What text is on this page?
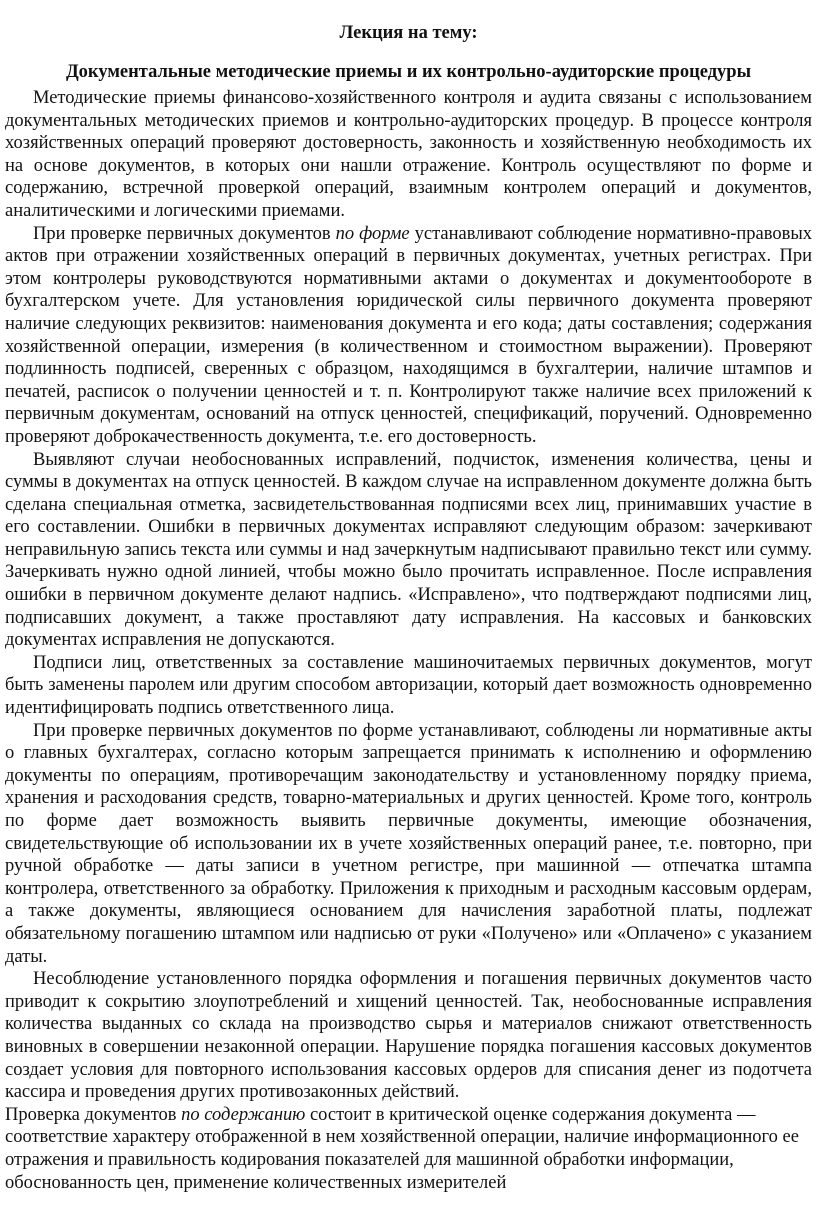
Лекция на тему:
Документальные методические приемы и их контрольно-аудиторские процедуры

Методические приемы финансово-хозяйственного контроля и аудита связаны с использованием документальных методических приемов и контрольно-аудиторских процедур. В процессе контроля хозяйственных операций проверяют достоверность, законность и хозяйственную необходимость их на основе документов, в которых они нашли отражение. Контроль осуществляют по форме и содержанию, встречной проверкой операций, взаимным контролем операций и документов, аналитическими и логическими приемами.

При проверке первичных документов по форме устанавливают соблюдение нормативно-правовых актов при отражении хозяйственных операций в первичных документах, учетных регистрах. При этом контролеры руководствуются нормативными актами о документах и документообороте в бухгалтерском учете. Для установления юридической силы первичного документа проверяют наличие следующих реквизитов: наименования документа и его кода; даты составления; содержания хозяйственной операции, измерения (в количественном и стоимостном выражении). Проверяют подлинность подписей, сверенных с образцом, находящимся в бухгалтерии, наличие штампов и печатей, расписок о получении ценностей и т. п. Контролируют также наличие всех приложений к первичным документам, оснований на отпуск ценностей, спецификаций, поручений. Одновременно проверяют доброкачественность документа, т.е. его достоверность.

Выявляют случаи необоснованных исправлений, подчисток, изменения количества, цены и суммы в документах на отпуск ценностей. В каждом случае на исправленном документе должна быть сделана специальная отметка, засвидетельствованная подписями всех лиц, принимавших участие в его составлении. Ошибки в первичных документах исправляют следующим образом: зачеркивают неправильную запись текста или суммы и над зачеркнутым надписывают правильно текст или сумму. Зачеркивать нужно одной линией, чтобы можно было прочитать исправленное. После исправления ошибки в первичном документе делают надпись. «Исправлено», что подтверждают подписями лиц, подписавших документ, а также проставляют дату исправления. На кассовых и банковских документах исправления не допускаются.

Подписи лиц, ответственных за составление машиночитаемых первичных документов, могут быть заменены паролем или другим способом авторизации, который дает возможность одновременно идентифицировать подпись ответственного лица.

При проверке первичных документов по форме устанавливают, соблюдены ли нормативные акты о главных бухгалтерах, согласно которым запрещается принимать к исполнению и оформлению документы по операциям, противоречащим законодательству и установленному порядку приема, хранения и расходования средств, товарно-материальных и других ценностей. Кроме того, контроль по форме дает возможность выявить первичные документы, имеющие обозначения, свидетельствующие об использовании их в учете хозяйственных операций ранее, т.е. повторно, при ручной обработке — даты записи в учетном регистре, при машинной — отпечатка штампа контролера, ответственного за обработку. Приложения к приходным и расходным кассовым ордерам, а также документы, являющиеся основанием для начисления заработной платы, подлежат обязательному погашению штампом или надписью от руки «Получено» или «Оплачено» с указанием даты.

Несоблюдение установленного порядка оформления и погашения первичных документов часто приводит к сокрытию злоупотреблений и хищений ценностей. Так, необоснованные исправления количества выданных со склада на производство сырья и материалов снижают ответственность виновных в совершении незаконной операции. Нарушение порядка погашения кассовых документов создает условия для повторного использования кассовых ордеров для списания денег из подотчета кассира и проведения других противозаконных действий.

Проверка документов по содержанию состоит в критической оценке содержания документа — соответствие характеру отображенной в нем хозяйственной операции, наличие информационного ее отражения и правильность кодирования показателей для машинной обработки информации, обоснованность цен, применение количественных измерителей
